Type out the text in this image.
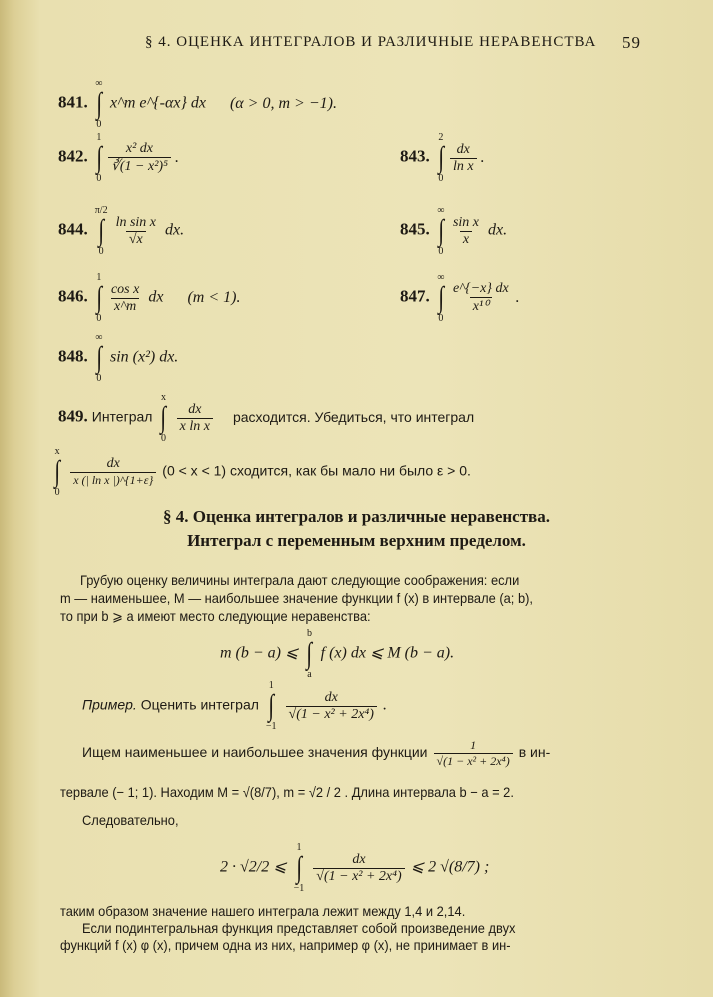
§ 4. ОЦЕНКА ИНТЕГРАЛОВ И РАЗЛИЧНЫЕ НЕРАВЕНСТВА 59
841.
∞
∫
0
x^m e^{-αx} dx (α > 0, m > −1).
842.
1
∫
0
$\frac{\text{x² dx}}{\text{∛(1 − x²)⁵}}$ .	843.
2
∫
0
$\frac{dx}{\text{ln x}}$ .
844.
π/2
∫
0
$\frac{\text{ln sin x}}{√x}$ dx.	845.
∞
∫
0
$\frac{\text{sin x}}{x}$ dx.
846.
1
∫
0
$\frac{\text{cos x}}{x\^{}m}$ dx (m < 1).	847.
∞
∫
0
$\frac{e\^{}\{-x\} dx}{\text{x¹⁰}}$ .
848.
∞
∫
0
sin (x²) dx.
849. Интеграл
x
∫
0

$\frac{dx}{\text{x ln x}}$ расходится. Убедиться, что интеграл
x
∫
0

$\frac{dx}{\text{x (| ln x |)\textasciicircum{}\{1+ε\}}} (0 < x < 1)$ сходится, как бы мало ни было ε > 0.
§ 4. Оценка интегралов и различные неравенства.
Интеграл с переменным верхним пределом.
Грубую оценку величины интеграла дают следующие соображения: если
m — наименьшее, M — наибольшее значение функции f (x) в интервале (a; b),
то при b ⩾ a имеют место следующие неравенства:
m (b − a) ⩽
b
∫
a
f (x) dx ⩽ M (b − a).
Пример. Оценить интеграл
1
∫
−1

$\frac{dx}{\text{√(1 − x² + 2x⁴)}}$ .
Ищем наименьшее и наибольшее значения функции $\frac{1}{\text{√(1 − x² + 2x⁴)}}$ в ин-
тервале (− 1; 1). Находим M = √(8/7), m = √2 / 2 . Длина интервала b − a = 2.
Следовательно,
2 · √2/2 ⩽
1
∫
−1

$\frac{dx}{\text{√(1 − x² + 2x⁴)}}$ ⩽ 2 √(8/7) ;
таким образом значение нашего интеграла лежит между 1,4 и 2,14.
Если подинтегральная функция представляет собой произведение двух
функций f (x) φ (x), причем одна из них, например φ (x), не принимает в ин-
